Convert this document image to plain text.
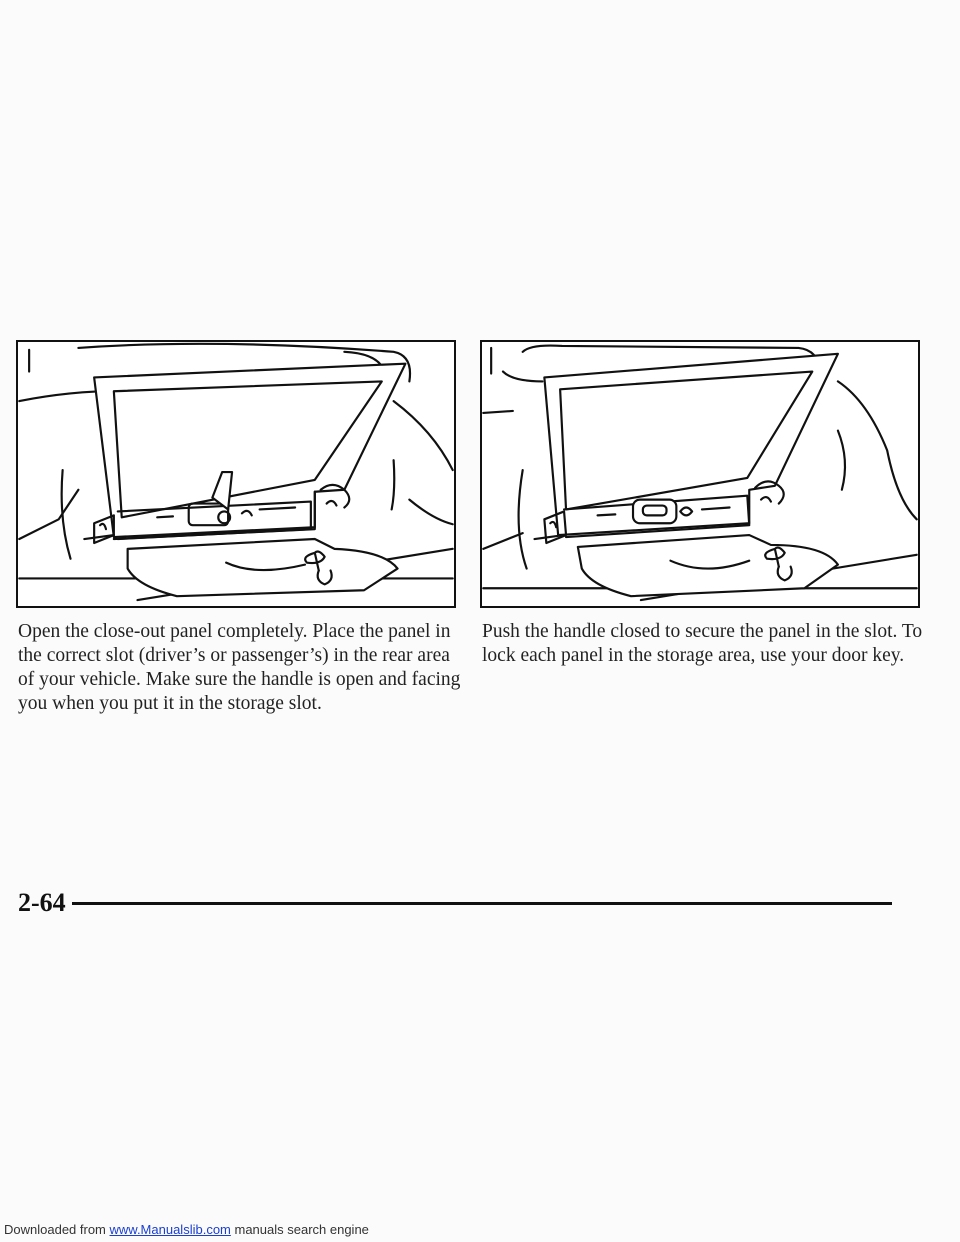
Open the close-out panel completely. Place the panel in the correct slot (driver’s or passenger’s) in the rear area of your vehicle. Make sure the handle is open and facing you when you put it in the storage slot.

Push the handle closed to secure the panel in the slot. To lock each panel in the storage area, use your door key.

2-64
Downloaded from www.Manualslib.com manuals search engine
